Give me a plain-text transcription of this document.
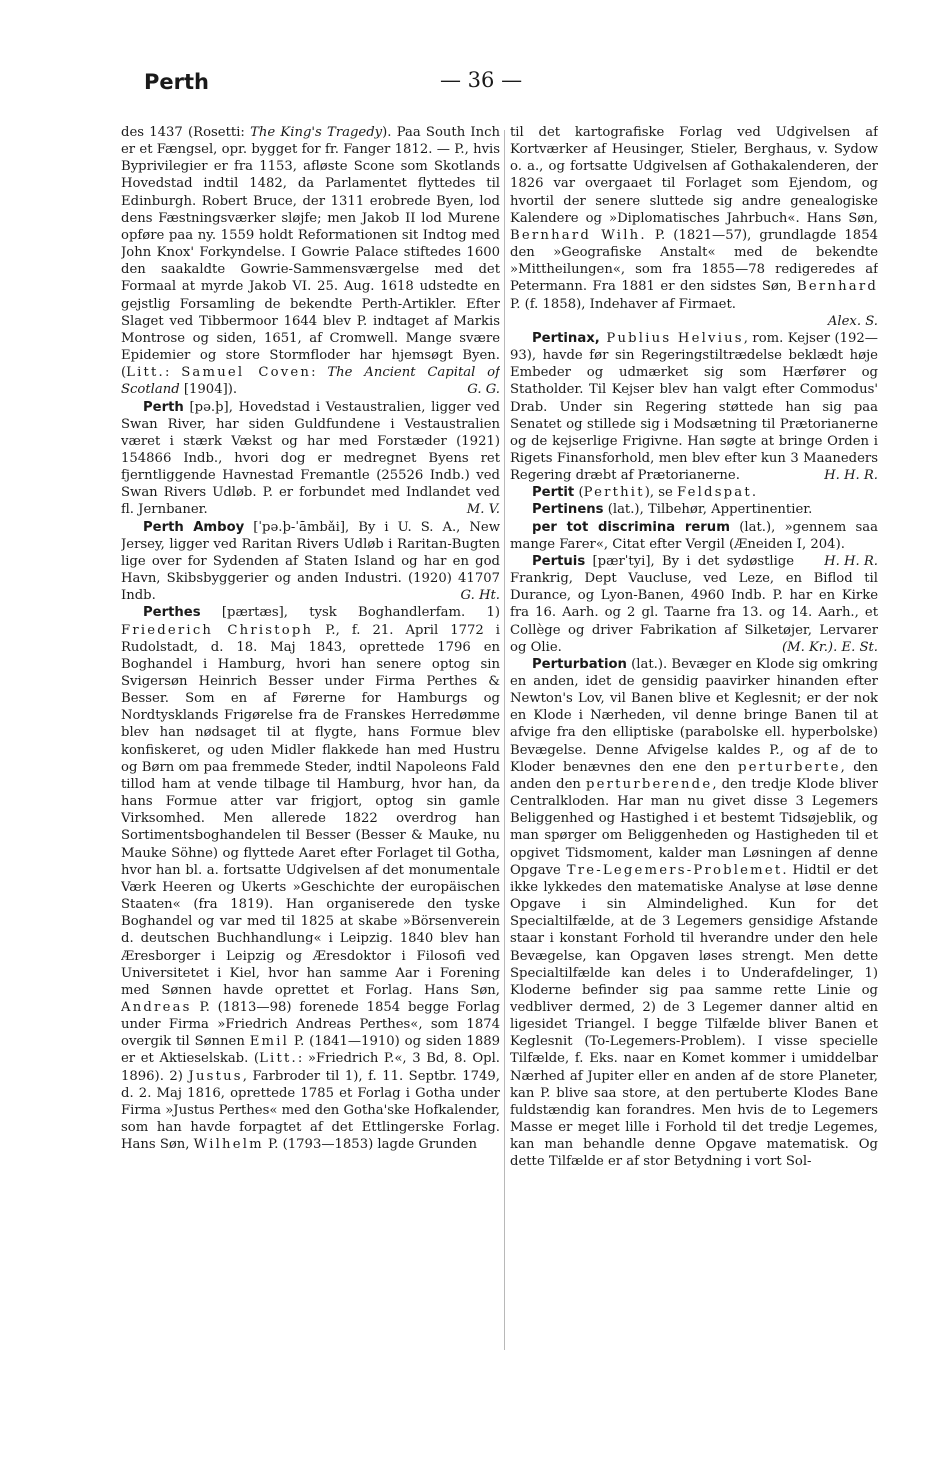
Perth	— 36 —

des 1437 (Rosetti: The King's Tragedy). Paa South Inch er et Fængsel, opr. bygget for fr. Fanger 1812. — P., hvis Byprivilegier er fra 1153, afløste Scone som Skotlands Hovedstad indtil 1482, da Parlamentet flyttedes til Edinburgh. Robert Bruce, der 1311 erobrede Byen, lod dens Fæstningsværker sløjfe; men Jakob II lod Murene opføre paa ny. 1559 holdt Reformationen sit Indtog med John Knox' Forkyndelse. I Gowrie Palace stiftedes 1600 den saakaldte Gowrie-Sammensværgelse med det Formaal at myrde Jakob VI. 25. Aug. 1618 udstedte en gejstlig Forsamling de bekendte Perth-Artikler. Efter Slaget ved Tibbermoor 1644 blev P. indtaget af Markis Montrose og siden, 1651, af Cromwell. Mange svære Epidemier og store Stormfloder har hjemsøgt Byen. (Litt.: Samuel Coven: The Ancient Capital of Scotland [1904]).	G. G.

Perth [pə.þ], Hovedstad i Vestaustralien, ligger ved Swan River, har siden Guldfundene i Vestaustralien været i stærk Vækst og har med Forstæder (1921) 154866 Indb., hvori dog er medregnet Byens ret fjerntliggende Havnestad Fremantle (25526 Indb.) ved Swan Rivers Udløb. P. er forbundet med Indlandet ved fl. Jernbaner.	M. V.

Perth Amboy [ˈpə.þ-ˈāmbǎi], By i U. S. A., New Jersey, ligger ved Raritan Rivers Udløb i Raritan-Bugten lige over for Sydenden af Staten Island og har en god Havn, Skibsbyggerier og anden Industri. (1920) 41707 Indb.	G. Ht.

Perthes [pærtæs], tysk Boghandlerfam. 1) Friederich Christoph P., f. 21. April 1772 i Rudolstadt, d. 18. Maj 1843, oprettede 1796 en Boghandel i Hamburg, hvori han senere optog sin Svigersøn Heinrich Besser under Firma Perthes & Besser. Som en af Førerne for Hamburgs og Nordtysklands Frigørelse fra de Franskes Herredømme blev han nødsaget til at flygte, hans Formue blev konfiskeret, og uden Midler flakkede han med Hustru og Børn om paa fremmede Steder, indtil Napoleons Fald tillod ham at vende tilbage til Hamburg, hvor han, da hans Formue atter var frigjort, optog sin gamle Virksomhed. Men allerede 1822 overdrog han Sortimentsboghandelen til Besser (Besser & Mauke, nu Mauke Söhne) og flyttede Aaret efter Forlaget til Gotha, hvor han bl. a. fortsatte Udgivelsen af det monumentale Værk Heeren og Ukerts »Geschichte der europäischen Staaten« (fra 1819). Han organiserede den tyske Boghandel og var med til 1825 at skabe »Börsenverein d. deutschen Buchhandlung« i Leipzig. 1840 blev han Æresborger i Leipzig og Æresdoktor i Filosofi ved Universitetet i Kiel, hvor han samme Aar i Forening med Sønnen havde oprettet et Forlag. Hans Søn, Andreas P. (1813—98) forenede 1854 begge Forlag under Firma »Friedrich Andreas Perthes«, som 1874 overgik til Sønnen Emil P. (1841—1910) og siden 1889 er et Aktieselskab. (Litt.: »Friedrich P.«, 3 Bd, 8. Opl. 1896). 2) Justus, Farbroder til 1), f. 11. Septbr. 1749, d. 2. Maj 1816, oprettede 1785 et Forlag i Gotha under Firma »Justus Perthes« med den Gotha'ske Hofkalender, som han havde forpagtet af det Ettlingerske Forlag. Hans Søn, Wilhelm P. (1793—1853) lagde Grunden

til det kartografiske Forlag ved Udgivelsen af Kortværker af Heusinger, Stieler, Berghaus, v. Sydow o. a., og fortsatte Udgivelsen af Gothakalenderen, der 1826 var overgaaet til Forlaget som Ejendom, og hvortil der senere sluttede sig andre genealogiske Kalendere og »Diplomatisches Jahrbuch«. Hans Søn, Bernhard Wilh. P. (1821—57), grundlagde 1854 den »Geografiske Anstalt« med de bekendte »Mittheilungen«, som fra 1855—78 redigeredes af Petermann. Fra 1881 er den sidstes Søn, Bernhard P. (f. 1858), Indehaver af Firmaet.

Alex. S.

Pertinax, Publius Helvius, rom. Kejser (192—93), havde før sin Regeringstiltrædelse beklædt høje Embeder og udmærket sig som Hærfører og Statholder. Til Kejser blev han valgt efter Commodus' Drab. Under sin Regering støttede han sig paa Senatet og stillede sig i Modsætning til Prætorianerne og de kejserlige Frigivne. Han søgte at bringe Orden i Rigets Finansforhold, men blev efter kun 3 Maaneders Regering dræbt af Prætorianerne.	H. H. R.

Pertit (Perthit), se Feldspat.

Pertinens (lat.), Tilbehør, Appertinentier.

per tot discrimina rerum (lat.), »gennem saa mange Farer«, Citat efter Vergil (Æneiden I, 204).
H. H. R.

Pertuis [pærˈtyi], By i det sydøstlige Frankrig, Dept Vaucluse, ved Leze, en Biflod til Durance, og Lyon-Banen, 4960 Indb. P. har en Kirke fra 16. Aarh. og 2 gl. Taarne fra 13. og 14. Aarh., et Collège og driver Fabrikation af Silketøjer, Lervarer og Olie.	(M. Kr.). E. St.

Perturbation (lat.). Bevæger en Klode sig omkring en anden, idet de gensidig paavirker hinanden efter Newton's Lov, vil Banen blive et Keglesnit; er der nok en Klode i Nærheden, vil denne bringe Banen til at afvige fra den elliptiske (parabolske ell. hyperbolske) Bevægelse. Denne Afvigelse kaldes P., og af de to Kloder benævnes den ene den perturberte, den anden den perturberende, den tredje Klode bliver Centralkloden. Har man nu givet disse 3 Legemers Beliggenhed og Hastighed i et bestemt Tidsøjeblik, og man spørger om Beliggenheden og Hastigheden til et opgivet Tidsmoment, kalder man Løsningen af denne Opgave Tre-Legemers-Problemet. Hidtil er det ikke lykkedes den matematiske Analyse at løse denne Opgave i sin Almindelighed. Kun for det Specialtilfælde, at de 3 Legemers gensidige Afstande staar i konstant Forhold til hverandre under den hele Bevægelse, kan Opgaven løses strengt. Men dette Specialtilfælde kan deles i to Underafdelinger, 1) Kloderne befinder sig paa samme rette Linie og vedbliver dermed, 2) de 3 Legemer danner altid en ligesidet Triangel. I begge Tilfælde bliver Banen et Keglesnit (To-Legemers-Problem). I visse specielle Tilfælde, f. Eks. naar en Komet kommer i umiddelbar Nærhed af Jupiter eller en anden af de store Planeter, kan P. blive saa store, at den pertuberte Klodes Bane fuldstændig kan forandres. Men hvis de to Legemers Masse er meget lille i Forhold til det tredje Legemes, kan man behandle denne Opgave matematisk. Og dette Tilfælde er af stor Betydning i vort Sol-
